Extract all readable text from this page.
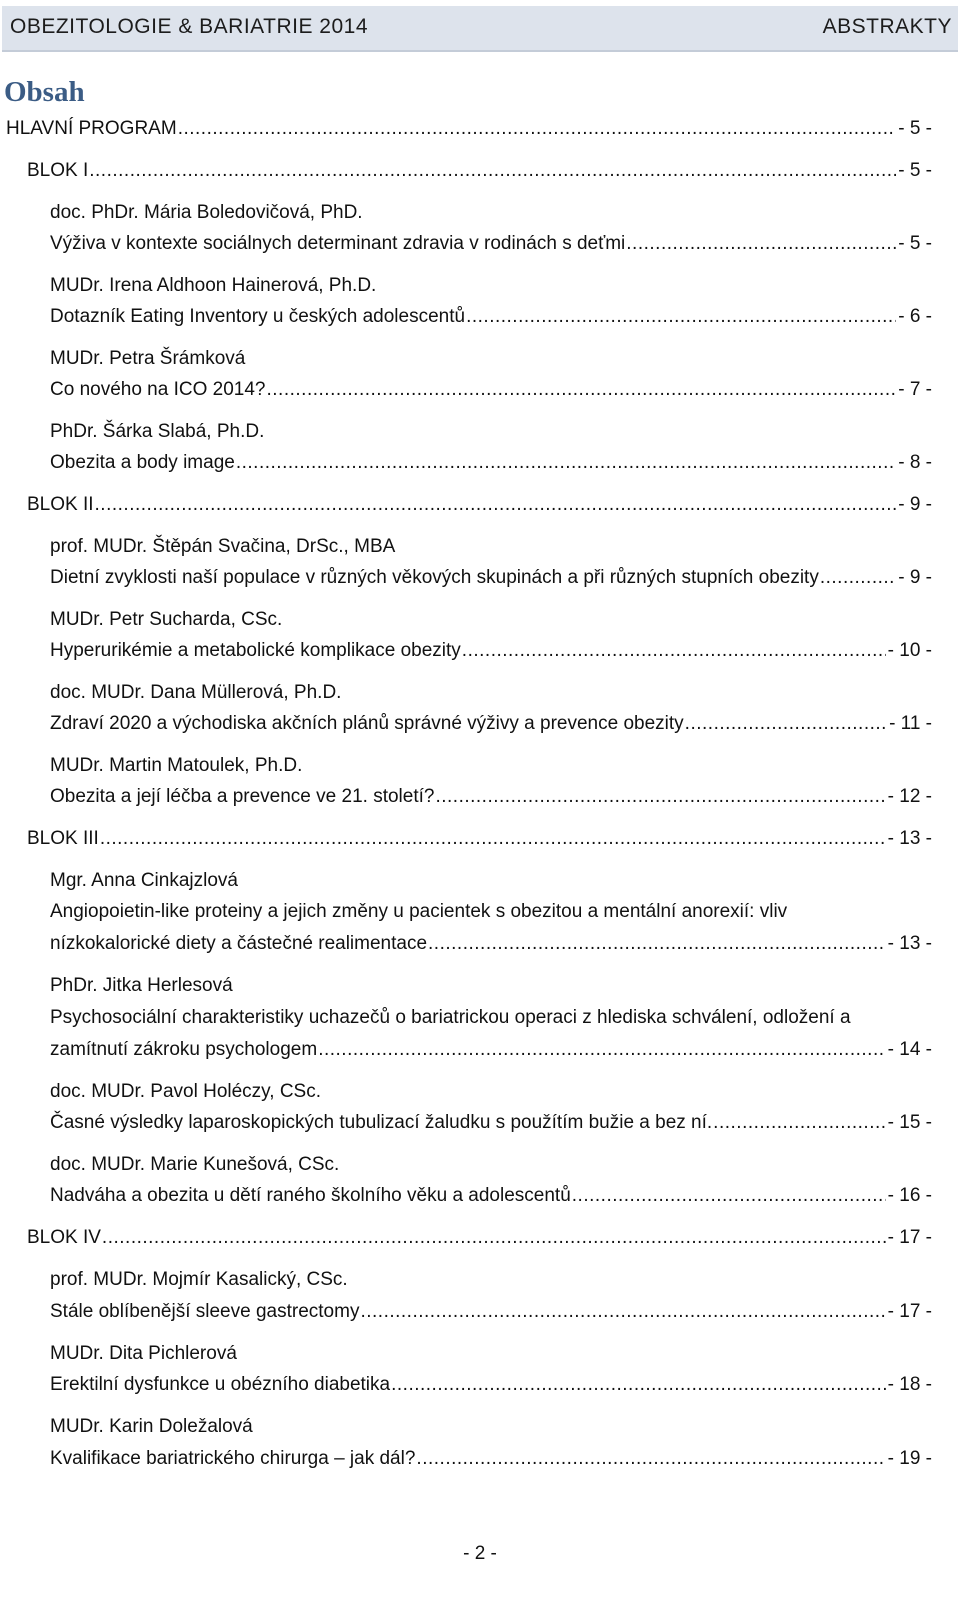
OBEZITOLOGIE & BARIATRIE 2014	ABSTRAKTY
Obsah
HLAVNÍ PROGRAM .....	- 5 -
BLOK I .....	- 5 -
doc. PhDr. Mária Boledovičová, PhD.
Výživa v kontexte sociálnych determinant zdravia v rodinách s deťmi .....	- 5 -
MUDr. Irena Aldhoon Hainerová, Ph.D.
Dotazník Eating Inventory u českých adolescentů .....	- 6 -
MUDr. Petra Šrámková
Co nového na ICO 2014? .....	- 7 -
PhDr. Šárka Slabá, Ph.D.
Obezita a body image .....	- 8 -
BLOK II .....	- 9 -
prof. MUDr. Štěpán Svačina, DrSc., MBA
Dietní zvyklosti naší populace v různých věkových skupinách a při různých stupních obezity .....	- 9 -
MUDr. Petr Sucharda, CSc.
Hyperurikémie a metabolické komplikace obezity .....	- 10 -
doc. MUDr. Dana Müllerová, Ph.D.
Zdraví 2020 a východiska akčních plánů správné výživy a prevence obezity .....	- 11 -
MUDr. Martin Matoulek, Ph.D.
Obezita a její léčba a prevence ve 21. století? .....	- 12 -
BLOK III .....	- 13 -
Mgr. Anna Cinkajzlová
Angiopoietin-like proteiny a jejich změny u pacientek s obezitou a mentální anorexií: vliv
nízkokalorické diety a částečné realimentace .....	- 13 -
PhDr. Jitka Herlesová
Psychosociální charakteristiky uchazečů o bariatrickou operaci z hlediska schválení, odložení a
zamítnutí zákroku psychologem .....	- 14 -
doc. MUDr. Pavol Holéczy, CSc.
Časné výsledky laparoskopických tubulizací žaludku s použítím bužie a bez ní. .....	- 15 -
doc. MUDr. Marie Kunešová, CSc.
Nadváha a obezita u dětí raného školního věku a adolescentů .....	- 16 -
BLOK IV .....	- 17 -
prof. MUDr. Mojmír Kasalický, CSc.
Stále oblíbenější sleeve gastrectomy .....	- 17 -
MUDr. Dita Pichlerová
Erektilní dysfunkce u obézního diabetika .....	- 18 -
MUDr. Karin Doležalová
Kvalifikace bariatrického chirurga – jak dál? .....	- 19 -
- 2 -
